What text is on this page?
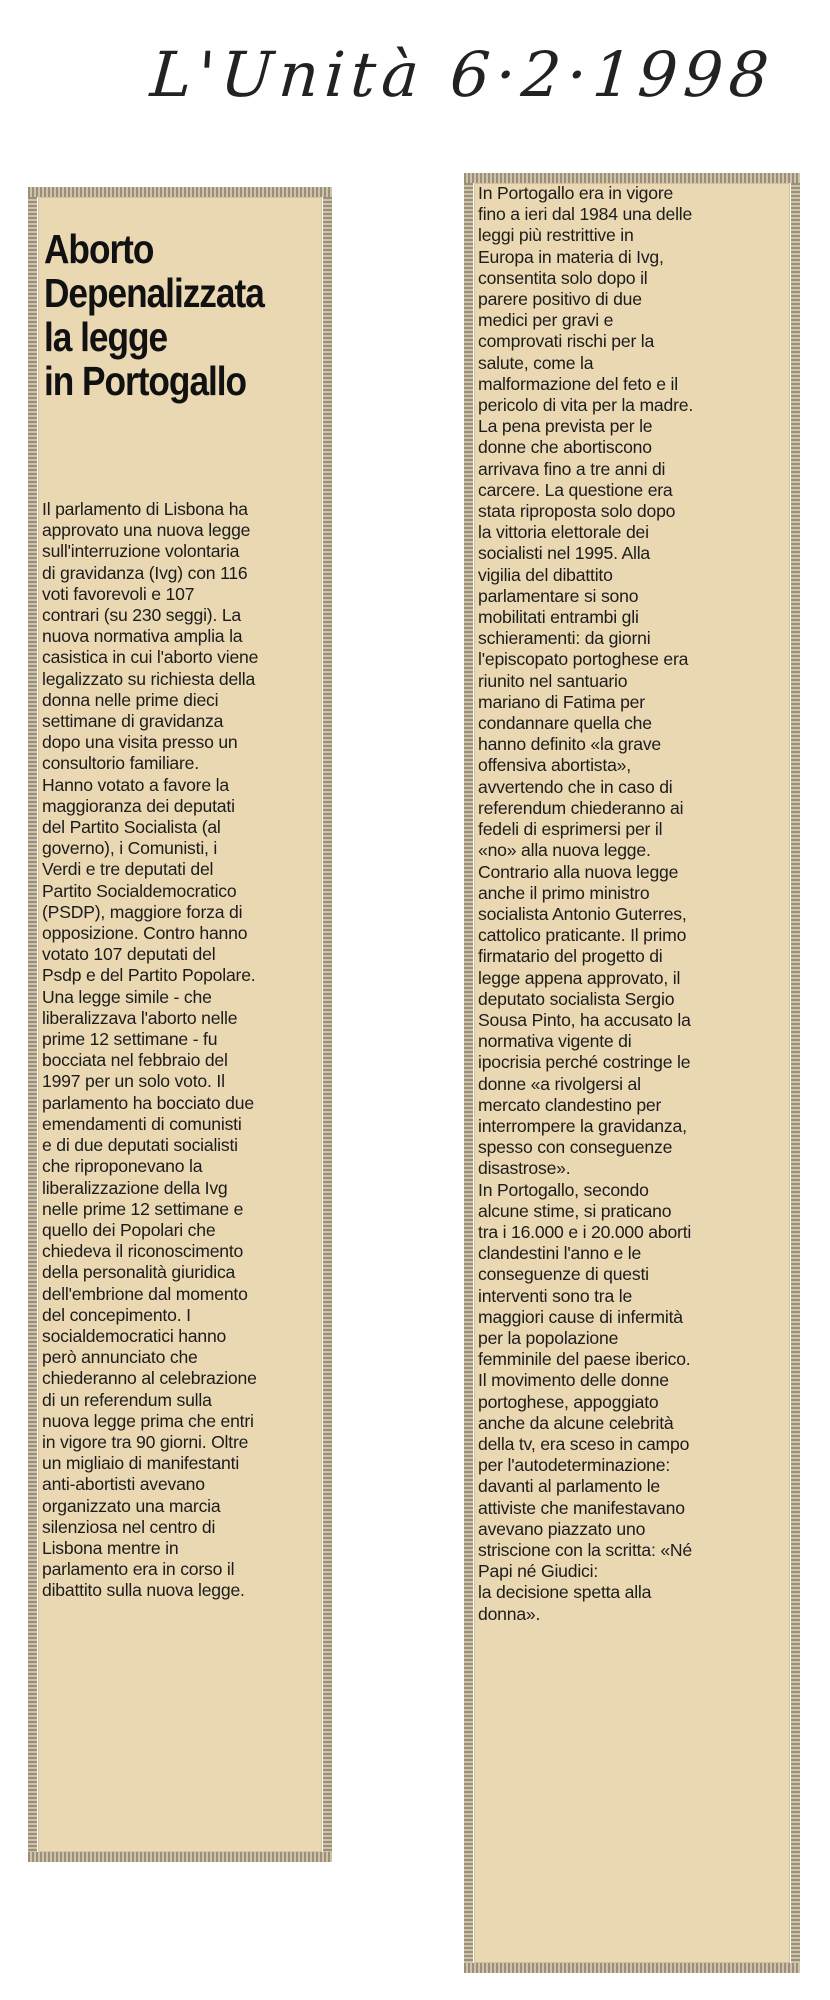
L'Unità 6·2·1998
Aborto
Depenalizzata
la legge
in Portogallo

Il parlamento di Lisbona ha
approvato una nuova legge
sull'interruzione volontaria
di gravidanza (Ivg) con 116
voti favorevoli e 107
contrari (su 230 seggi). La
nuova normativa amplia la
casistica in cui l'aborto viene
legalizzato su richiesta della
donna nelle prime dieci
settimane di gravidanza
dopo una visita presso un
consultorio familiare.
Hanno votato a favore la
maggioranza dei deputati
del Partito Socialista (al
governo), i Comunisti, i
Verdi e tre deputati del
Partito Socialdemocratico
(PSDP), maggiore forza di
opposizione. Contro hanno
votato 107 deputati del
Psdp e del Partito Popolare.
Una legge simile - che
liberalizzava l'aborto nelle
prime 12 settimane - fu
bocciata nel febbraio del
1997 per un solo voto. Il
parlamento ha bocciato due
emendamenti di comunisti
e di due deputati socialisti
che riproponevano la
liberalizzazione della Ivg
nelle prime 12 settimane e
quello dei Popolari che
chiedeva il riconoscimento
della personalità giuridica
dell'embrione dal momento
del concepimento. I
socialdemocratici hanno
però annunciato che
chiederanno al celebrazione
di un referendum sulla
nuova legge prima che entri
in vigore tra 90 giorni. Oltre
un migliaio di manifestanti
anti-abortisti avevano
organizzato una marcia
silenziosa nel centro di
Lisbona mentre in
parlamento era in corso il
dibattito sulla nuova legge.

In Portogallo era in vigore
fino a ieri dal 1984 una delle
leggi più restrittive in
Europa in materia di Ivg,
consentita solo dopo il
parere positivo di due
medici per gravi e
comprovati rischi per la
salute, come la
malformazione del feto e il
pericolo di vita per la madre.
La pena prevista per le
donne che abortiscono
arrivava fino a tre anni di
carcere. La questione era
stata riproposta solo dopo
la vittoria elettorale dei
socialisti nel 1995. Alla
vigilia del dibattito
parlamentare si sono
mobilitati entrambi gli
schieramenti: da giorni
l'episcopato portoghese era
riunito nel santuario
mariano di Fatima per
condannare quella che
hanno definito «la grave
offensiva abortista»,
avvertendo che in caso di
referendum chiederanno ai
fedeli di esprimersi per il
«no» alla nuova legge.
Contrario alla nuova legge
anche il primo ministro
socialista Antonio Guterres,
cattolico praticante. Il primo
firmatario del progetto di
legge appena approvato, il
deputato socialista Sergio
Sousa Pinto, ha accusato la
normativa vigente di
ipocrisia perché costringe le
donne «a rivolgersi al
mercato clandestino per
interrompere la gravidanza,
spesso con conseguenze
disastrose».
In Portogallo, secondo
alcune stime, si praticano
tra i 16.000 e i 20.000 aborti
clandestini l'anno e le
conseguenze di questi
interventi sono tra le
maggiori cause di infermità
per la popolazione
femminile del paese iberico.
Il movimento delle donne
portoghese, appoggiato
anche da alcune celebrità
della tv, era sceso in campo
per l'autodeterminazione:
davanti al parlamento le
attiviste che manifestavano
avevano piazzato uno
striscione con la scritta: «Né
Papi né Giudici:
la decisione spetta alla
donna».
